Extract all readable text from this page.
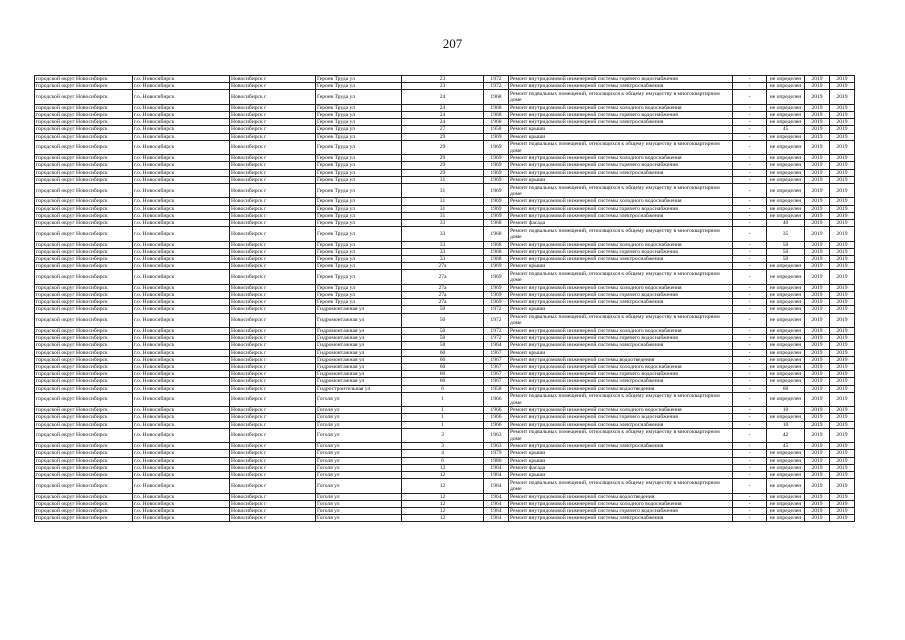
207
городской округ Новосибирск	г.о. Новосибирск	Новосибирск г	Героев Труда ул	23	1972	Ремонт внутридомовой инженерной системы горячего водоснабжения	-	не определен	2019	2019
городской округ Новосибирск	г.о. Новосибирск	Новосибирск г	Героев Труда ул	23	1972	Ремонт внутридомовой инженерной системы электроснабжения	-	не определен	2019	2019
городской округ Новосибирск	г.о. Новосибирск	Новосибирск г	Героев Труда ул	24	1968	Ремонт подвальных помещений, относящихся к общему имуществу в многоквартирном доме	-	не определен	2019	2019
городской округ Новосибирск	г.о. Новосибирск	Новосибирск г	Героев Труда ул	24	1968	Ремонт внутридомовой инженерной системы холодного водоснабжения	-	не определен	2019	2019
городской округ Новосибирск	г.о. Новосибирск	Новосибирск г	Героев Труда ул	24	1968	Ремонт внутридомовой инженерной системы горячего водоснабжения	-	не определен	2019	2019
городской округ Новосибирск	г.о. Новосибирск	Новосибирск г	Героев Труда ул	24	1968	Ремонт внутридомовой инженерной системы электроснабжения	-	не определен	2019	2019
городской округ Новосибирск	г.о. Новосибирск	Новосибирск г	Героев Труда ул	27	1958	Ремонт крыши	-	45	2019	2019
городской округ Новосибирск	г.о. Новосибирск	Новосибирск г	Героев Труда ул	29	1969	Ремонт крыши	-	не определен	2019	2019
городской округ Новосибирск	г.о. Новосибирск	Новосибирск г	Героев Труда ул	29	1969	Ремонт подвальных помещений, относящихся к общему имуществу в многоквартирном доме	-	не определен	2019	2019
городской округ Новосибирск	г.о. Новосибирск	Новосибирск г	Героев Труда ул	29	1969	Ремонт внутридомовой инженерной системы холодного водоснабжения	-	не определен	2019	2019
городской округ Новосибирск	г.о. Новосибирск	Новосибирск г	Героев Труда ул	29	1969	Ремонт внутридомовой инженерной системы горячего водоснабжения	-	не определен	2019	2019
городской округ Новосибирск	г.о. Новосибирск	Новосибирск г	Героев Труда ул	29	1969	Ремонт внутридомовой инженерной системы электроснабжения	-	не определен	2019	2019
городской округ Новосибирск	г.о. Новосибирск	Новосибирск г	Героев Труда ул	31	1969	Ремонт крыши	-	не определен	2019	2019
городской округ Новосибирск	г.о. Новосибирск	Новосибирск г	Героев Труда ул	31	1969	Ремонт подвальных помещений, относящихся к общему имуществу в многоквартирном доме	-	не определен	2019	2019
городской округ Новосибирск	г.о. Новосибирск	Новосибирск г	Героев Труда ул	31	1969	Ремонт внутридомовой инженерной системы холодного водоснабжения	-	не определен	2019	2019
городской округ Новосибирск	г.о. Новосибирск	Новосибирск г	Героев Труда ул	31	1969	Ремонт внутридомовой инженерной системы горячего водоснабжения	-	не определен	2019	2019
городской округ Новосибирск	г.о. Новосибирск	Новосибирск г	Героев Труда ул	31	1969	Ремонт внутридомовой инженерной системы электроснабжения	-	не определен	2019	2019
городской округ Новосибирск	г.о. Новосибирск	Новосибирск г	Героев Труда ул	33	1968	Ремонт фасада	-	40	2019	2019
городской округ Новосибирск	г.о. Новосибирск	Новосибирск г	Героев Труда ул	33	1968	Ремонт подвальных помещений, относящихся к общему имуществу в многоквартирном доме	-	35	2019	2019
городской округ Новосибирск	г.о. Новосибирск	Новосибирск г	Героев Труда ул	33	1968	Ремонт внутридомовой инженерной системы холодного водоснабжения	-	50	2019	2019
городской округ Новосибирск	г.о. Новосибирск	Новосибирск г	Героев Труда ул	33	1968	Ремонт внутридомовой инженерной системы горячего водоснабжения	-	50	2019	2019
городской округ Новосибирск	г.о. Новосибирск	Новосибирск г	Героев Труда ул	33	1968	Ремонт внутридомовой инженерной системы электроснабжения	-	50	2019	2019
городской округ Новосибирск	г.о. Новосибирск	Новосибирск г	Героев Труда ул	27а	1969	Ремонт крыши	-	не определен	2019	2019
городской округ Новосибирск	г.о. Новосибирск	Новосибирск г	Героев Труда ул	27а	1969	Ремонт подвальных помещений, относящихся к общему имуществу в многоквартирном доме	-	не определен	2019	2019
городской округ Новосибирск	г.о. Новосибирск	Новосибирск г	Героев Труда ул	27а	1969	Ремонт внутридомовой инженерной системы холодного водоснабжения	-	не определен	2019	2019
городской округ Новосибирск	г.о. Новосибирск	Новосибирск г	Героев Труда ул	27а	1969	Ремонт внутридомовой инженерной системы горячего водоснабжения	-	не определен	2019	2019
городской округ Новосибирск	г.о. Новосибирск	Новосибирск г	Героев Труда ул	27а	1969	Ремонт внутридомовой инженерной системы электроснабжения	-	не определен	2019	2019
городской округ Новосибирск	г.о. Новосибирск	Новосибирск г	Гидромонтажная ул	50	1972	Ремонт крыши	-	не определен	2019	2019
городской округ Новосибирск	г.о. Новосибирск	Новосибирск г	Гидромонтажная ул	50	1972	Ремонт подвальных помещений, относящихся к общему имуществу в многоквартирном доме	-	не определен	2019	2019
городской округ Новосибирск	г.о. Новосибирск	Новосибирск г	Гидромонтажная ул	50	1972	Ремонт внутридомовой инженерной системы холодного водоснабжения	-	не определен	2019	2019
городской округ Новосибирск	г.о. Новосибирск	Новосибирск г	Гидромонтажная ул	50	1972	Ремонт внутридомовой инженерной системы горячего водоснабжения	-	не определен	2019	2019
городской округ Новосибирск	г.о. Новосибирск	Новосибирск г	Гидромонтажная ул	58	1964	Ремонт внутридомовой инженерной системы электроснабжения	-	не определен	2019	2019
городской округ Новосибирск	г.о. Новосибирск	Новосибирск г	Гидромонтажная ул	60	1967	Ремонт крыши	-	не определен	2019	2019
городской округ Новосибирск	г.о. Новосибирск	Новосибирск г	Гидромонтажная ул	60	1967	Ремонт внутридомовой инженерной системы водоотведения	-	не определен	2019	2019
городской округ Новосибирск	г.о. Новосибирск	Новосибирск г	Гидромонтажная ул	60	1967	Ремонт внутридомовой инженерной системы холодного водоснабжения	-	не определен	2019	2019
городской округ Новосибирск	г.о. Новосибирск	Новосибирск г	Гидромонтажная ул	60	1967	Ремонт внутридомовой инженерной системы горячего водоснабжения	-	не определен	2019	2019
городской округ Новосибирск	г.о. Новосибирск	Новосибирск г	Гидромонтажная ул	60	1967	Ремонт внутридомовой инженерной системы электроснабжения	-	не определен	2019	2019
городской округ Новосибирск	г.о. Новосибирск	Новосибирск г	Гидростроительная ул	6	1958	Ремонт внутридомовой инженерной системы водоотведения	-	60	2019	2019
городской округ Новосибирск	г.о. Новосибирск	Новосибирск г	Гоголя ул	1	1966	Ремонт подвальных помещений, относящихся к общему имуществу в многоквартирном доме	-	не определен	2019	2019
городской округ Новосибирск	г.о. Новосибирск	Новосибирск г	Гоголя ул	1	1966	Ремонт внутридомовой инженерной системы холодного водоснабжения	-	10	2019	2019
городской округ Новосибирск	г.о. Новосибирск	Новосибирск г	Гоголя ул	1	1966	Ремонт внутридомовой инженерной системы горячего водоснабжения	-	не определен	2019	2019
городской округ Новосибирск	г.о. Новосибирск	Новосибирск г	Гоголя ул	1	1966	Ремонт внутридомовой инженерной системы электроснабжения	-	10	2019	2019
городской округ Новосибирск	г.о. Новосибирск	Новосибирск г	Гоголя ул	3	1963	Ремонт подвальных помещений, относящихся к общему имуществу в многоквартирном доме	-	42	2019	2019
городской округ Новосибирск	г.о. Новосибирск	Новосибирск г	Гоголя ул	3	1963	Ремонт внутридомовой инженерной системы электроснабжения	-	45	2019	2019
городской округ Новосибирск	г.о. Новосибирск	Новосибирск г	Гоголя ул	4	1979	Ремонт крыши	-	не определен	2019	2019
городской округ Новосибирск	г.о. Новосибирск	Новосибирск г	Гоголя ул	6	1980	Ремонт крыши	-	не определен	2019	2019
городской округ Новосибирск	г.о. Новосибирск	Новосибирск г	Гоголя ул	12	1964	Ремонт фасада	-	не определен	2019	2019
городской округ Новосибирск	г.о. Новосибирск	Новосибирск г	Гоголя ул	12	1964	Ремонт крыши	-	не определен	2019	2019
городской округ Новосибирск	г.о. Новосибирск	Новосибирск г	Гоголя ул	12	1964	Ремонт подвальных помещений, относящихся к общему имуществу в многоквартирном доме	-	не определен	2019	2019
городской округ Новосибирск	г.о. Новосибирск	Новосибирск г	Гоголя ул	12	1964	Ремонт внутридомовой инженерной системы водоотведения	-	не определен	2019	2019
городской округ Новосибирск	г.о. Новосибирск	Новосибирск г	Гоголя ул	12	1964	Ремонт внутридомовой инженерной системы холодного водоснабжения	-	не определен	2019	2019
городской округ Новосибирск	г.о. Новосибирск	Новосибирск г	Гоголя ул	12	1964	Ремонт внутридомовой инженерной системы горячего водоснабжения	-	не определен	2019	2019
городской округ Новосибирск	г.о. Новосибирск	Новосибирск г	Гоголя ул	12	1964	Ремонт внутридомовой инженерной системы электроснабжения	-	не определен	2019	2019
